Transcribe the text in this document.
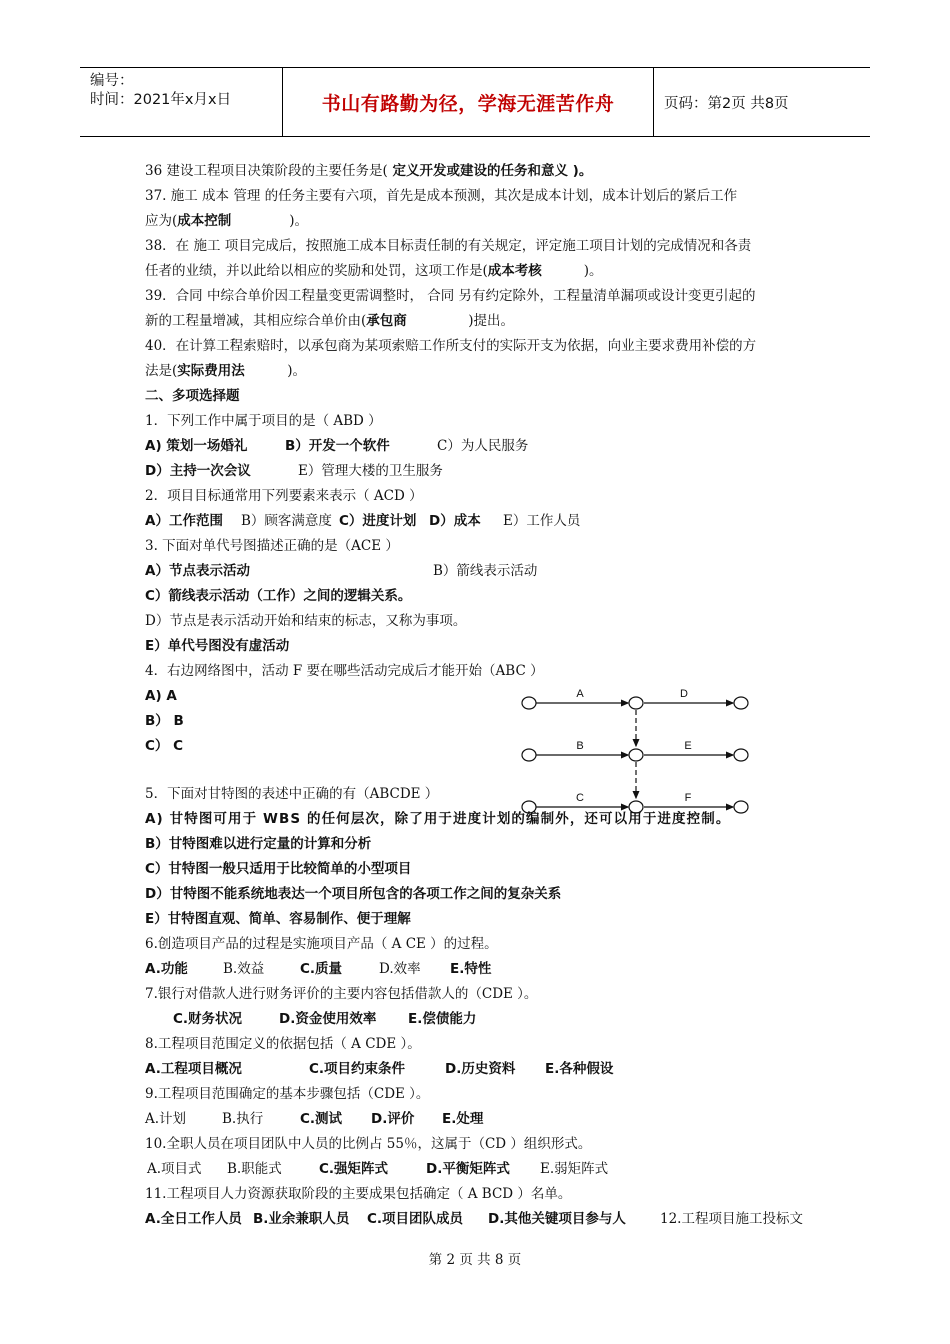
编号：
时间：2021年x月x日	书山有路勤为径，学海无涯苦作舟	页码：第2页 共8页
36 建设工程项目决策阶段的主要任务是( 定义开发或建设的任务和意义 )。
37. 施工 成本 管理 的任务主要有六项，首先是成本预测，其次是成本计划，成本计划后的紧后工作
应为(成本控制	)。
38．在 施工 项目完成后，按照施工成本目标责任制的有关规定，评定施工项目计划的完成情况和各责
任者的业绩，并以此给以相应的奖励和处罚，这项工作是(成本考核	)。
39．合同 中综合单价因工程量变更需调整时， 合同 另有约定除外，工程量清单漏项或设计变更引起的
新的工程量增减，其相应综合单价由(承包商	)提出。
40．在计算工程索赔时，以承包商为某项索赔工作所支付的实际开支为依据，向业主要求费用补偿的方
法是(实际费用法	)。
二、多项选择题
1．下列工作中属于项目的是（ ABD ）
A) 策划一场婚礼	B）开发一个软件	C）为人民服务
D）主持一次会议	E）管理大楼的卫生服务
2．项目目标通常用下列要素来表示（ ACD ）
A）工作范围 B）顾客满意度 C）进度计划 D）成本 E）工作人员
3. 下面对单代号图描述正确的是（ACE ）
A）节点表示活动	B）箭线表示活动
C）箭线表示活动（工作）之间的逻辑关系。
D）节点是表示活动开始和结束的标志，又称为事项。
E）单代号图没有虚活动
4．右边网络图中，活动 F 要在哪些活动完成后才能开始（ABC ）
A) A
B） B
C） C
A	D
B	E
C	F
5．下面对甘特图的表述中正确的有（ABCDE ）
A) 甘特图可用于 WBS 的任何层次，除了用于进度计划的编制外，还可以用于进度控制。
B）甘特图难以进行定量的计算和分析
C）甘特图一般只适用于比较简单的小型项目
D）甘特图不能系统地表达一个项目所包含的各项工作之间的复杂关系
E）甘特图直观、简单、容易制作、便于理解
6.创造项目产品的过程是实施项目产品（ A CE ）的过程。
A.功能	B.效益	C.质量	D.效率 E.特性
7.银行对借款人进行财务评价的主要内容包括借款人的（CDE ）。
C.财务状况	D.资金使用效率 E.偿债能力
8.工程项目范围定义的依据包括（ A CDE ）。
A.工程项目概况	C.项目约束条件	D.历史资料 E.各种假设
9.工程项目范围确定的基本步骤包括（CDE ）。
A.计划	B.执行	C.测试 D.评价 E.处理
10.全职人员在项目团队中人员的比例占 55％，这属于（CD ）组织形式。
A.项目式 B.职能式	C.强矩阵式	D.平衡矩阵式 E.弱矩阵式
11.工程项目人力资源获取阶段的主要成果包括确定（ A BCD ）名单。
A.全日工作人员 B.业余兼职人员 C.项目团队成员 D.其他关键项目参与人	12.工程项目施工投标文
第 2 页 共 8 页
